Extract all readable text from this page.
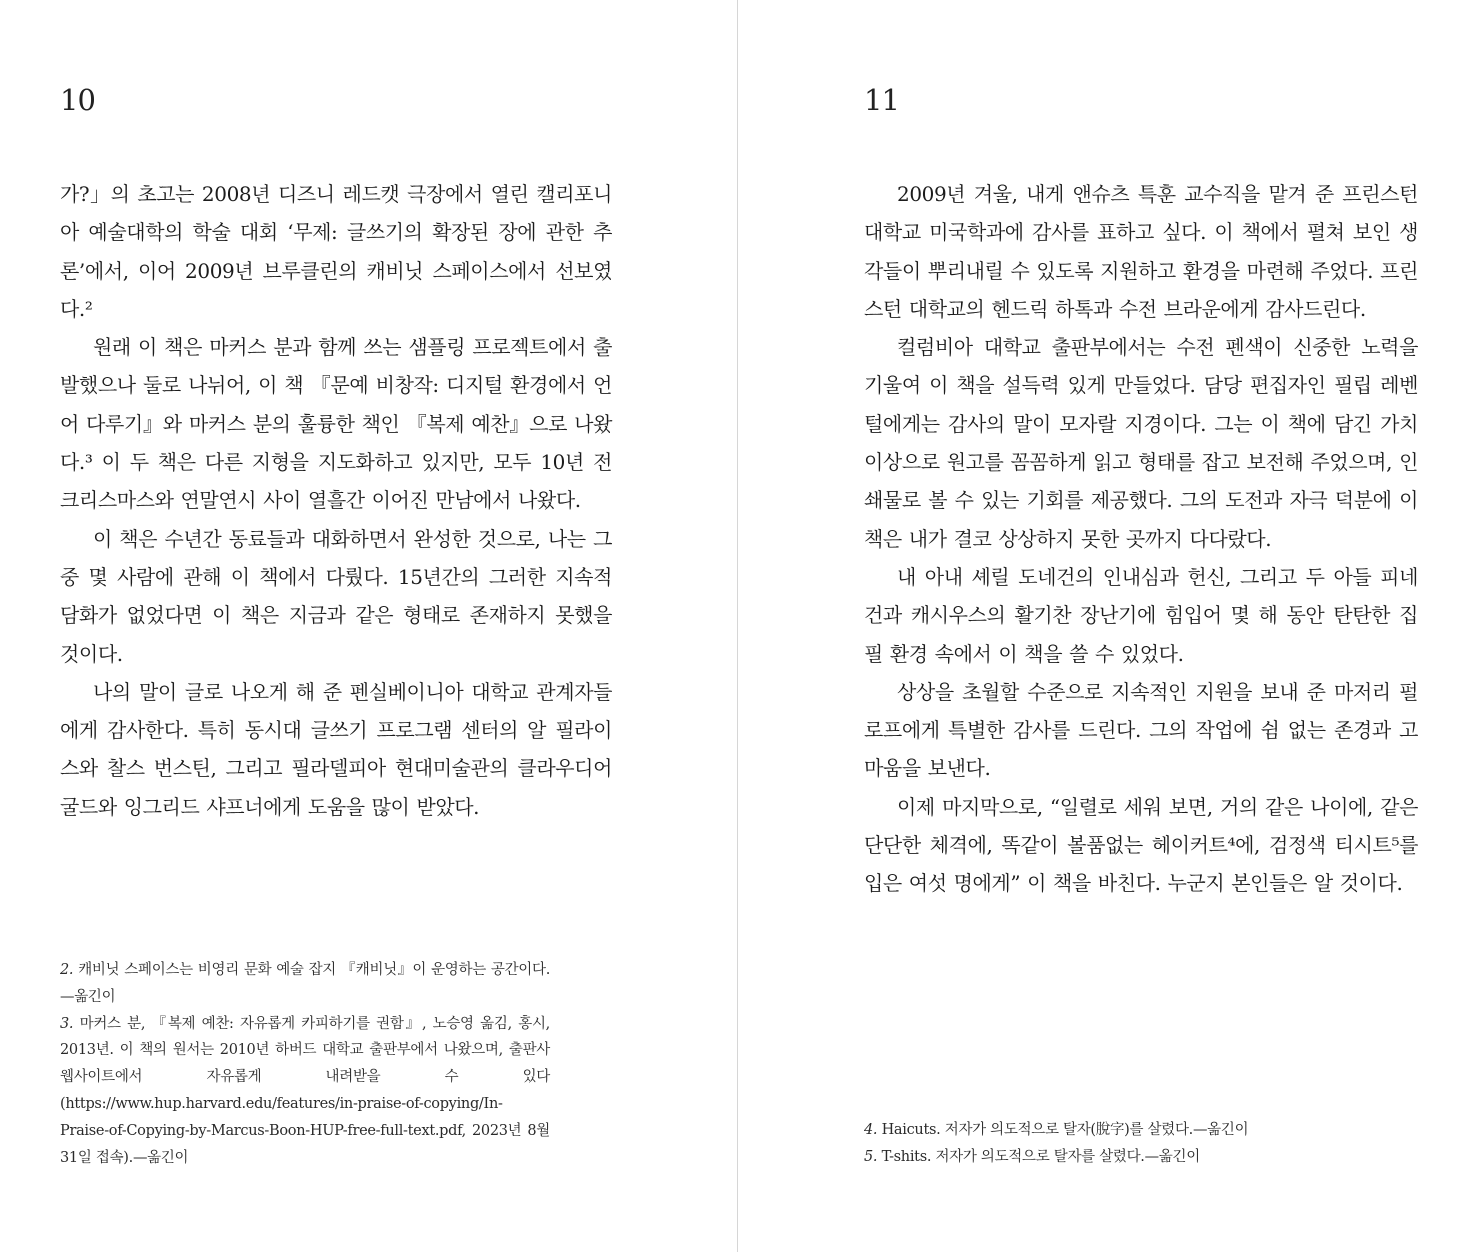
10

가?」의 초고는 2008년 디즈니 레드캣 극장에서 열린 캘리포니아 예술대학의 학술 대회 ‘무제: 글쓰기의 확장된 장에 관한 추론’에서, 이어 2009년 브루클린의 캐비닛 스페이스에서 선보였다.²

원래 이 책은 마커스 분과 함께 쓰는 샘플링 프로젝트에서 출발했으나 둘로 나뉘어, 이 책 『문예 비창작: 디지털 환경에서 언어 다루기』와 마커스 분의 훌륭한 책인 『복제 예찬』으로 나왔다.³ 이 두 책은 다른 지형을 지도화하고 있지만, 모두 10년 전 크리스마스와 연말연시 사이 열흘간 이어진 만남에서 나왔다.

이 책은 수년간 동료들과 대화하면서 완성한 것으로, 나는 그중 몇 사람에 관해 이 책에서 다뤘다. 15년간의 그러한 지속적 담화가 없었다면 이 책은 지금과 같은 형태로 존재하지 못했을 것이다.

나의 말이 글로 나오게 해 준 펜실베이니아 대학교 관계자들에게 감사한다. 특히 동시대 글쓰기 프로그램 센터의 알 필라이스와 찰스 번스틴, 그리고 필라델피아 현대미술관의 클라우디어 굴드와 잉그리드 샤프너에게 도움을 많이 받았다.

2. 캐비닛 스페이스는 비영리 문화 예술 잡지 『캐비닛』이 운영하는 공간이다.—옮긴이

3. 마커스 분, 『복제 예찬: 자유롭게 카피하기를 권함』, 노승영 옮김, 홍시, 2013년. 이 책의 원서는 2010년 하버드 대학교 출판부에서 나왔으며, 출판사 웹사이트에서 자유롭게 내려받을 수 있다(https://www.hup.harvard.edu/features/in-praise-of-copying/In-Praise-of-Copying-by-Marcus-Boon-HUP-free-full-text.pdf, 2023년 8월 31일 접속).—옮긴이

11

2009년 겨울, 내게 앤슈츠 특훈 교수직을 맡겨 준 프린스턴 대학교 미국학과에 감사를 표하고 싶다. 이 책에서 펼쳐 보인 생각들이 뿌리내릴 수 있도록 지원하고 환경을 마련해 주었다. 프린스턴 대학교의 헨드릭 하톡과 수전 브라운에게 감사드린다.

컬럼비아 대학교 출판부에서는 수전 펜색이 신중한 노력을 기울여 이 책을 설득력 있게 만들었다. 담당 편집자인 필립 레벤털에게는 감사의 말이 모자랄 지경이다. 그는 이 책에 담긴 가치 이상으로 원고를 꼼꼼하게 읽고 형태를 잡고 보전해 주었으며, 인쇄물로 볼 수 있는 기회를 제공했다. 그의 도전과 자극 덕분에 이 책은 내가 결코 상상하지 못한 곳까지 다다랐다.

내 아내 셰릴 도네건의 인내심과 헌신, 그리고 두 아들 피네건과 캐시우스의 활기찬 장난기에 힘입어 몇 해 동안 탄탄한 집필 환경 속에서 이 책을 쓸 수 있었다.

상상을 초월할 수준으로 지속적인 지원을 보내 준 마저리 펄로프에게 특별한 감사를 드린다. 그의 작업에 쉼 없는 존경과 고마움을 보낸다.

이제 마지막으로, “일렬로 세워 보면, 거의 같은 나이에, 같은 단단한 체격에, 똑같이 볼품없는 헤이커트⁴에, 검정색 티시트⁵를 입은 여섯 명에게” 이 책을 바친다. 누군지 본인들은 알 것이다.

4. Haicuts. 저자가 의도적으로 탈자(脫字)를 살렸다.—옮긴이

5. T-shits. 저자가 의도적으로 탈자를 살렸다.—옮긴이
